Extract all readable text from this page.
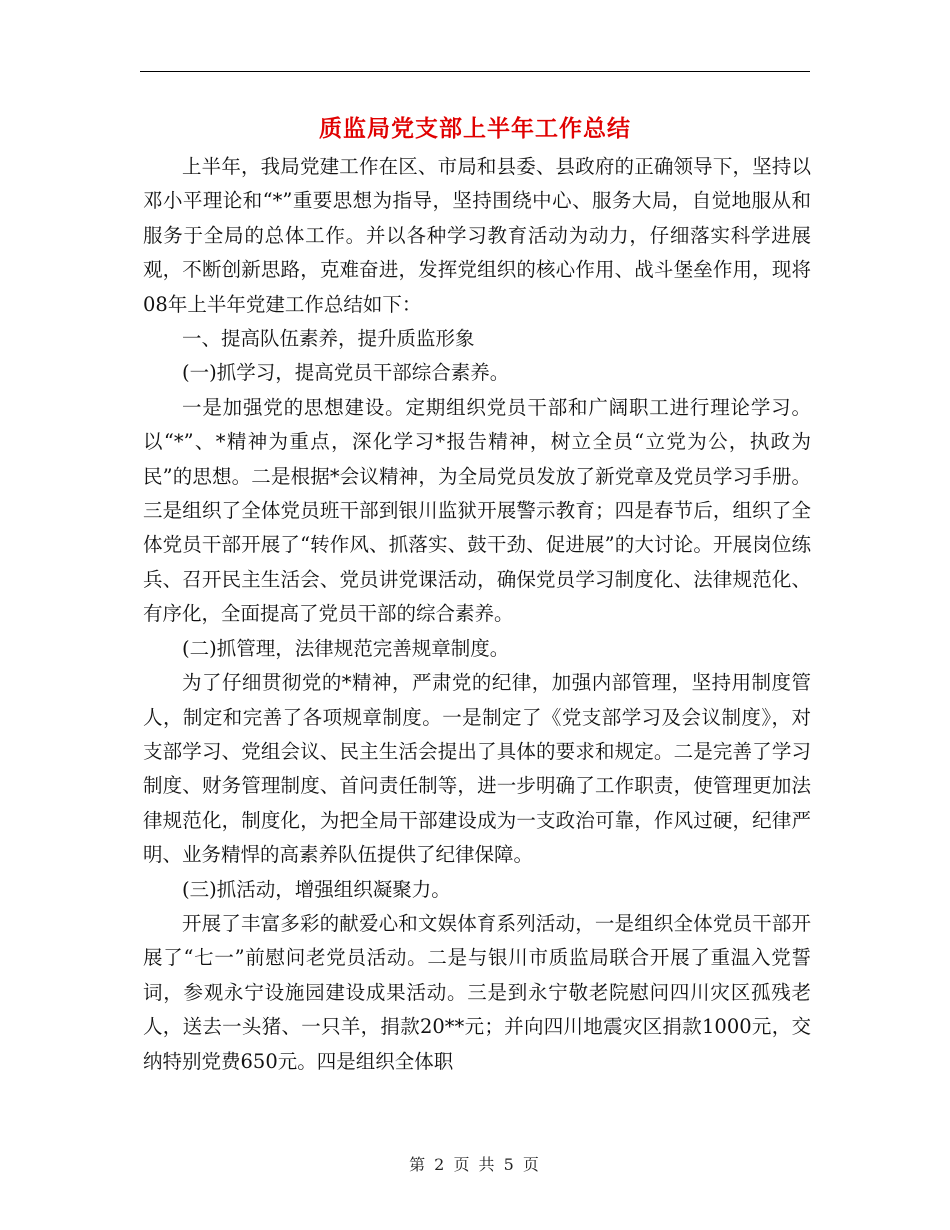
质监局党支部上半年工作总结

上半年，我局党建工作在区、市局和县委、县政府的正确领导下，坚持以邓小平理论和“*”重要思想为指导，坚持围绕中心、服务大局，自觉地服从和服务于全局的总体工作。并以各种学习教育活动为动力，仔细落实科学进展观，不断创新思路，克难奋进，发挥党组织的核心作用、战斗堡垒作用，现将08年上半年党建工作总结如下：

一、提高队伍素养，提升质监形象

(一)抓学习，提高党员干部综合素养。

一是加强党的思想建设。定期组织党员干部和广阔职工进行理论学习。以“*”、*精神为重点，深化学习*报告精神，树立全员“立党为公，执政为民”的思想。二是根据*会议精神，为全局党员发放了新党章及党员学习手册。三是组织了全体党员班干部到银川监狱开展警示教育；四是春节后，组织了全体党员干部开展了“转作风、抓落实、鼓干劲、促进展”的大讨论。开展岗位练兵、召开民主生活会、党员讲党课活动，确保党员学习制度化、法律规范化、有序化，全面提高了党员干部的综合素养。

(二)抓管理，法律规范完善规章制度。

为了仔细贯彻党的*精神，严肃党的纪律，加强内部管理，坚持用制度管人，制定和完善了各项规章制度。一是制定了《党支部学习及会议制度》，对支部学习、党组会议、民主生活会提出了具体的要求和规定。二是完善了学习制度、财务管理制度、首问责任制等，进一步明确了工作职责，使管理更加法律规范化，制度化，为把全局干部建设成为一支政治可靠，作风过硬，纪律严明、业务精悍的高素养队伍提供了纪律保障。

(三)抓活动，增强组织凝聚力。

开展了丰富多彩的献爱心和文娱体育系列活动，一是组织全体党员干部开展了“七一”前慰问老党员活动。二是与银川市质监局联合开展了重温入党誓词，参观永宁设施园建设成果活动。三是到永宁敬老院慰问四川灾区孤残老人，送去一头猪、一只羊，捐款20**元；并向四川地震灾区捐款1000元，交纳特别党费650元。四是组织全体职

第 2 页 共 5 页
